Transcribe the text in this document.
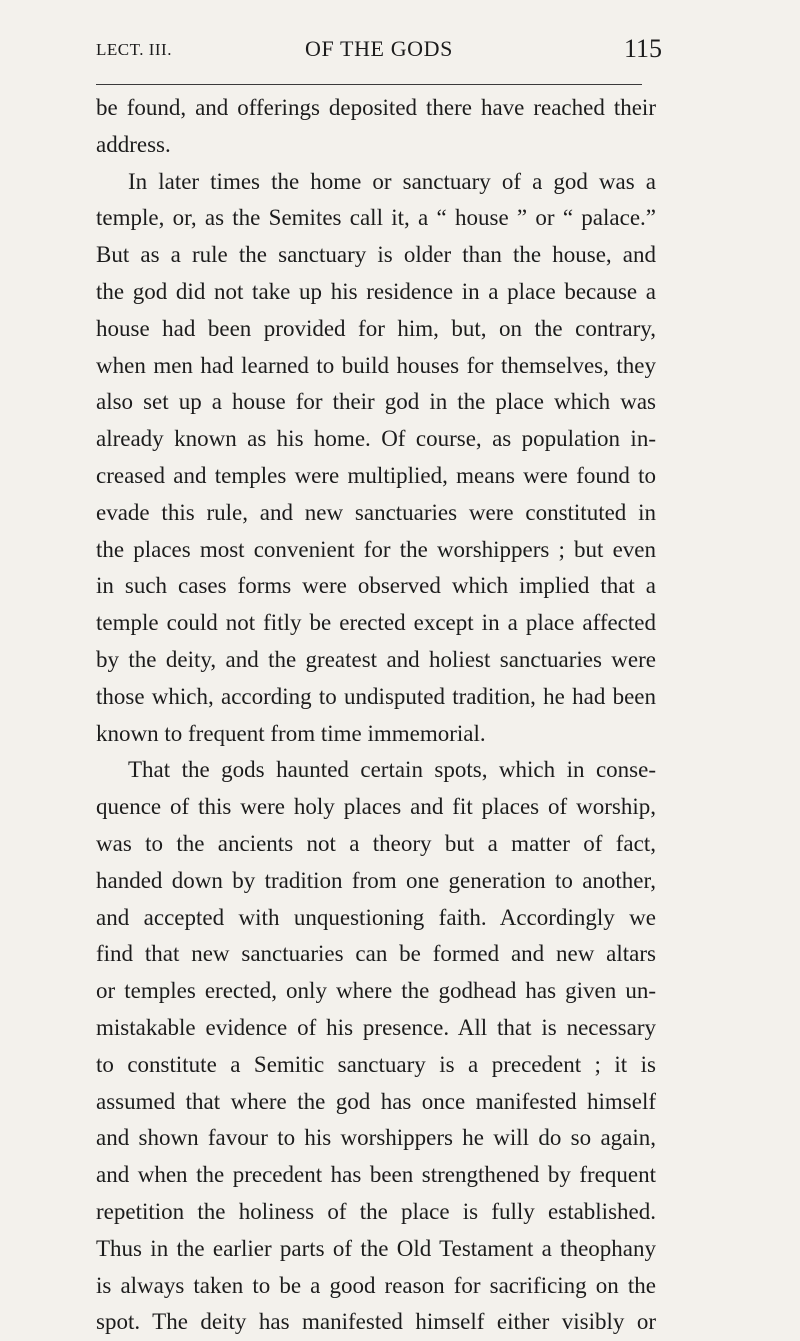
LECT. III.	OF THE GODS	115
be found, and offerings deposited there have reached their
address.
In later times the home or sanctuary of a god was a
temple, or, as the Semites call it, a “ house ” or “ palace.”
But as a rule the sanctuary is older than the house, and
the god did not take up his residence in a place because a
house had been provided for him, but, on the contrary,
when men had learned to build houses for themselves, they
also set up a house for their god in the place which was
already known as his home. Of course, as population in-
creased and temples were multiplied, means were found to
evade this rule, and new sanctuaries were constituted in
the places most convenient for the worshippers ; but even
in such cases forms were observed which implied that a
temple could not fitly be erected except in a place affected
by the deity, and the greatest and holiest sanctuaries were
those which, according to undisputed tradition, he had been
known to frequent from time immemorial.
That the gods haunted certain spots, which in conse-
quence of this were holy places and fit places of worship,
was to the ancients not a theory but a matter of fact,
handed down by tradition from one generation to another,
and accepted with unquestioning faith. Accordingly we
find that new sanctuaries can be formed and new altars
or temples erected, only where the godhead has given un-
mistakable evidence of his presence. All that is necessary
to constitute a Semitic sanctuary is a precedent ; it is
assumed that where the god has once manifested himself
and shown favour to his worshippers he will do so again,
and when the precedent has been strengthened by frequent
repetition the holiness of the place is fully established.
Thus in the earlier parts of the Old Testament a theophany
is always taken to be a good reason for sacrificing on the
spot. The deity has manifested himself either visibly or
